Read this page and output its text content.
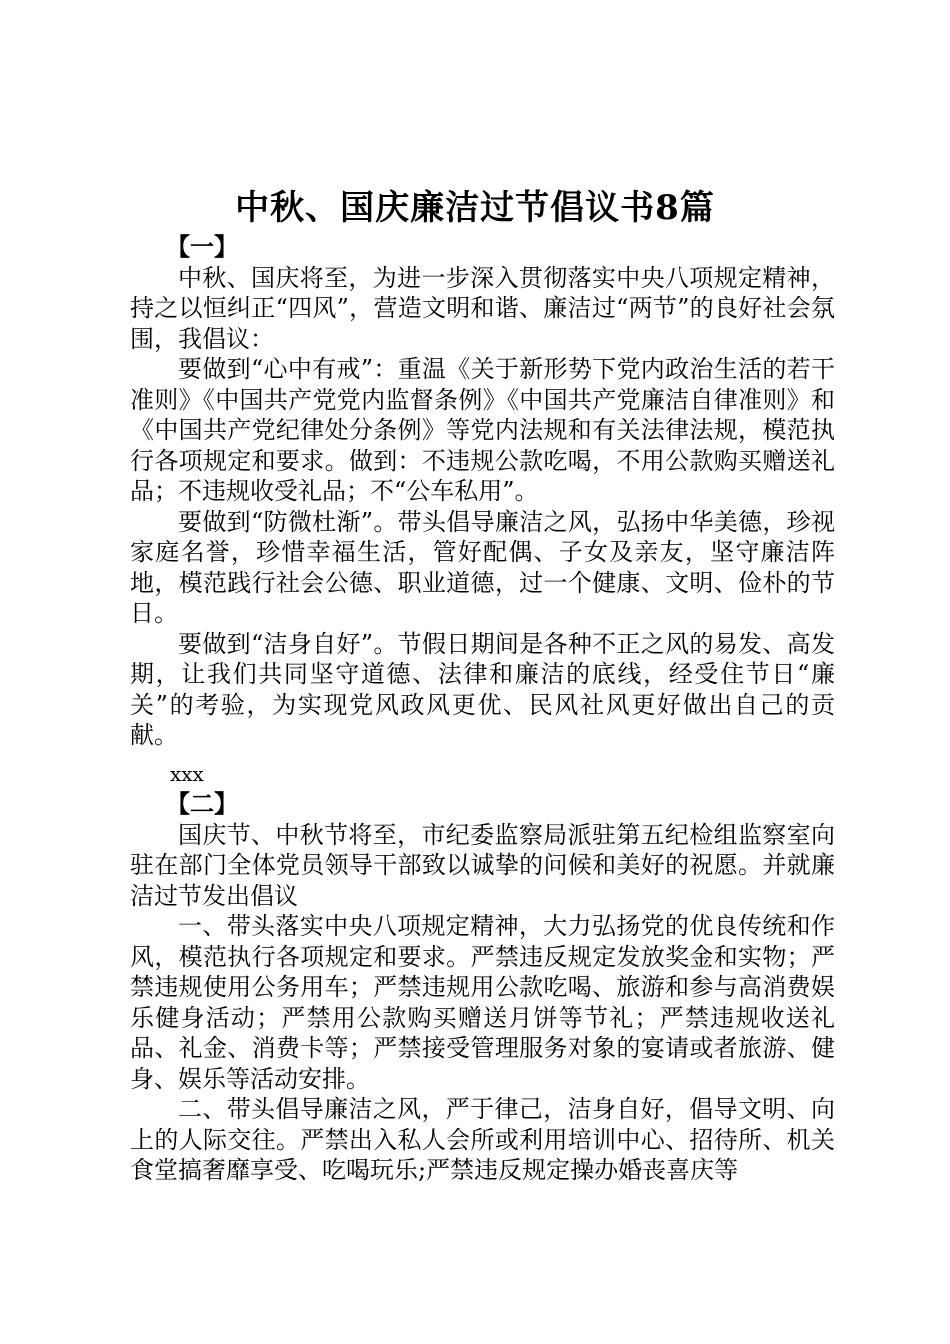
中秋、国庆廉洁过节倡议书8篇
【一】

中秋、国庆将至，为进一步深入贯彻落实中央八项规定精神，持之以恒纠正“四风”，营造文明和谐、廉洁过“两节”的良好社会氛围，我倡议：

要做到“心中有戒”：重温《关于新形势下党内政治生活的若干准则》《中国共产党党内监督条例》《中国共产党廉洁自律准则》和《中国共产党纪律处分条例》等党内法规和有关法律法规，模范执行各项规定和要求。做到：不违规公款吃喝，不用公款购买赠送礼品；不违规收受礼品；不“公车私用”。

要做到“防微杜渐”。带头倡导廉洁之风，弘扬中华美德，珍视家庭名誉，珍惜幸福生活，管好配偶、子女及亲友，坚守廉洁阵地，模范践行社会公德、职业道德，过一个健康、文明、俭朴的节日。

要做到“洁身自好”。节假日期间是各种不正之风的易发、高发期，让我们共同坚守道德、法律和廉洁的底线，经受住节日“廉关”的考验，为实现党风政风更优、民风社风更好做出自己的贡献。

xxx

【二】

国庆节、中秋节将至，市纪委监察局派驻第五纪检组监察室向驻在部门全体党员领导干部致以诚挚的问候和美好的祝愿。并就廉洁过节发出倡议

一、带头落实中央八项规定精神，大力弘扬党的优良传统和作风，模范执行各项规定和要求。严禁违反规定发放奖金和实物；严禁违规使用公务用车；严禁违规用公款吃喝、旅游和参与高消费娱乐健身活动；严禁用公款购买赠送月饼等节礼；严禁违规收送礼品、礼金、消费卡等；严禁接受管理服务对象的宴请或者旅游、健身、娱乐等活动安排。

二、带头倡导廉洁之风，严于律己，洁身自好，倡导文明、向上的人际交往。严禁出入私人会所或利用培训中心、招待所、机关食堂搞奢靡享受、吃喝玩乐;严禁违反规定操办婚丧喜庆等
